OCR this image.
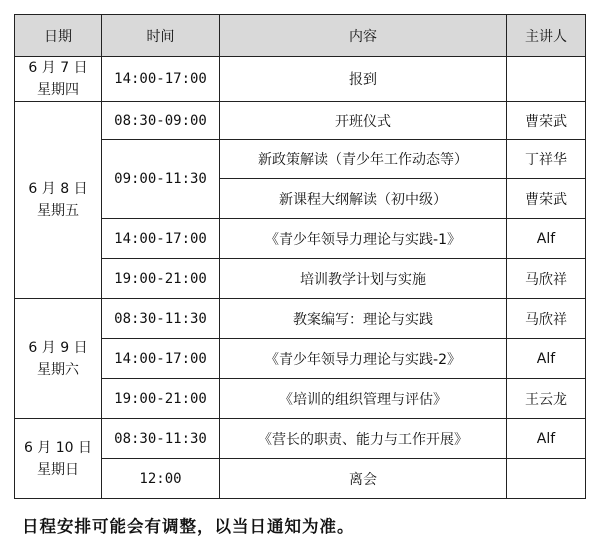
日期	时间	内容	主讲人

6 月 7 日
星期四	14:00-17:00	报到	

6 月 8 日
星期五	08:30-09:00	开班仪式	曹荣武
	09:00-11:30	新政策解读（青少年工作动态等）	丁祥华
		新课程大纲解读（初中级）	曹荣武
	14:00-17:00	《青少年领导力理论与实践-1》	Alf
	19:00-21:00	培训教学计划与实施	马欣祥

6 月 9 日
星期六	08:30-11:30	教案编写：理论与实践	马欣祥
	14:00-17:00	《青少年领导力理论与实践-2》	Alf
	19:00-21:00	《培训的组织管理与评估》	王云龙

6 月 10 日
星期日	08:30-11:30	《营长的职责、能力与工作开展》	Alf
	12:00	离会	
日程安排可能会有调整，以当日通知为准。
